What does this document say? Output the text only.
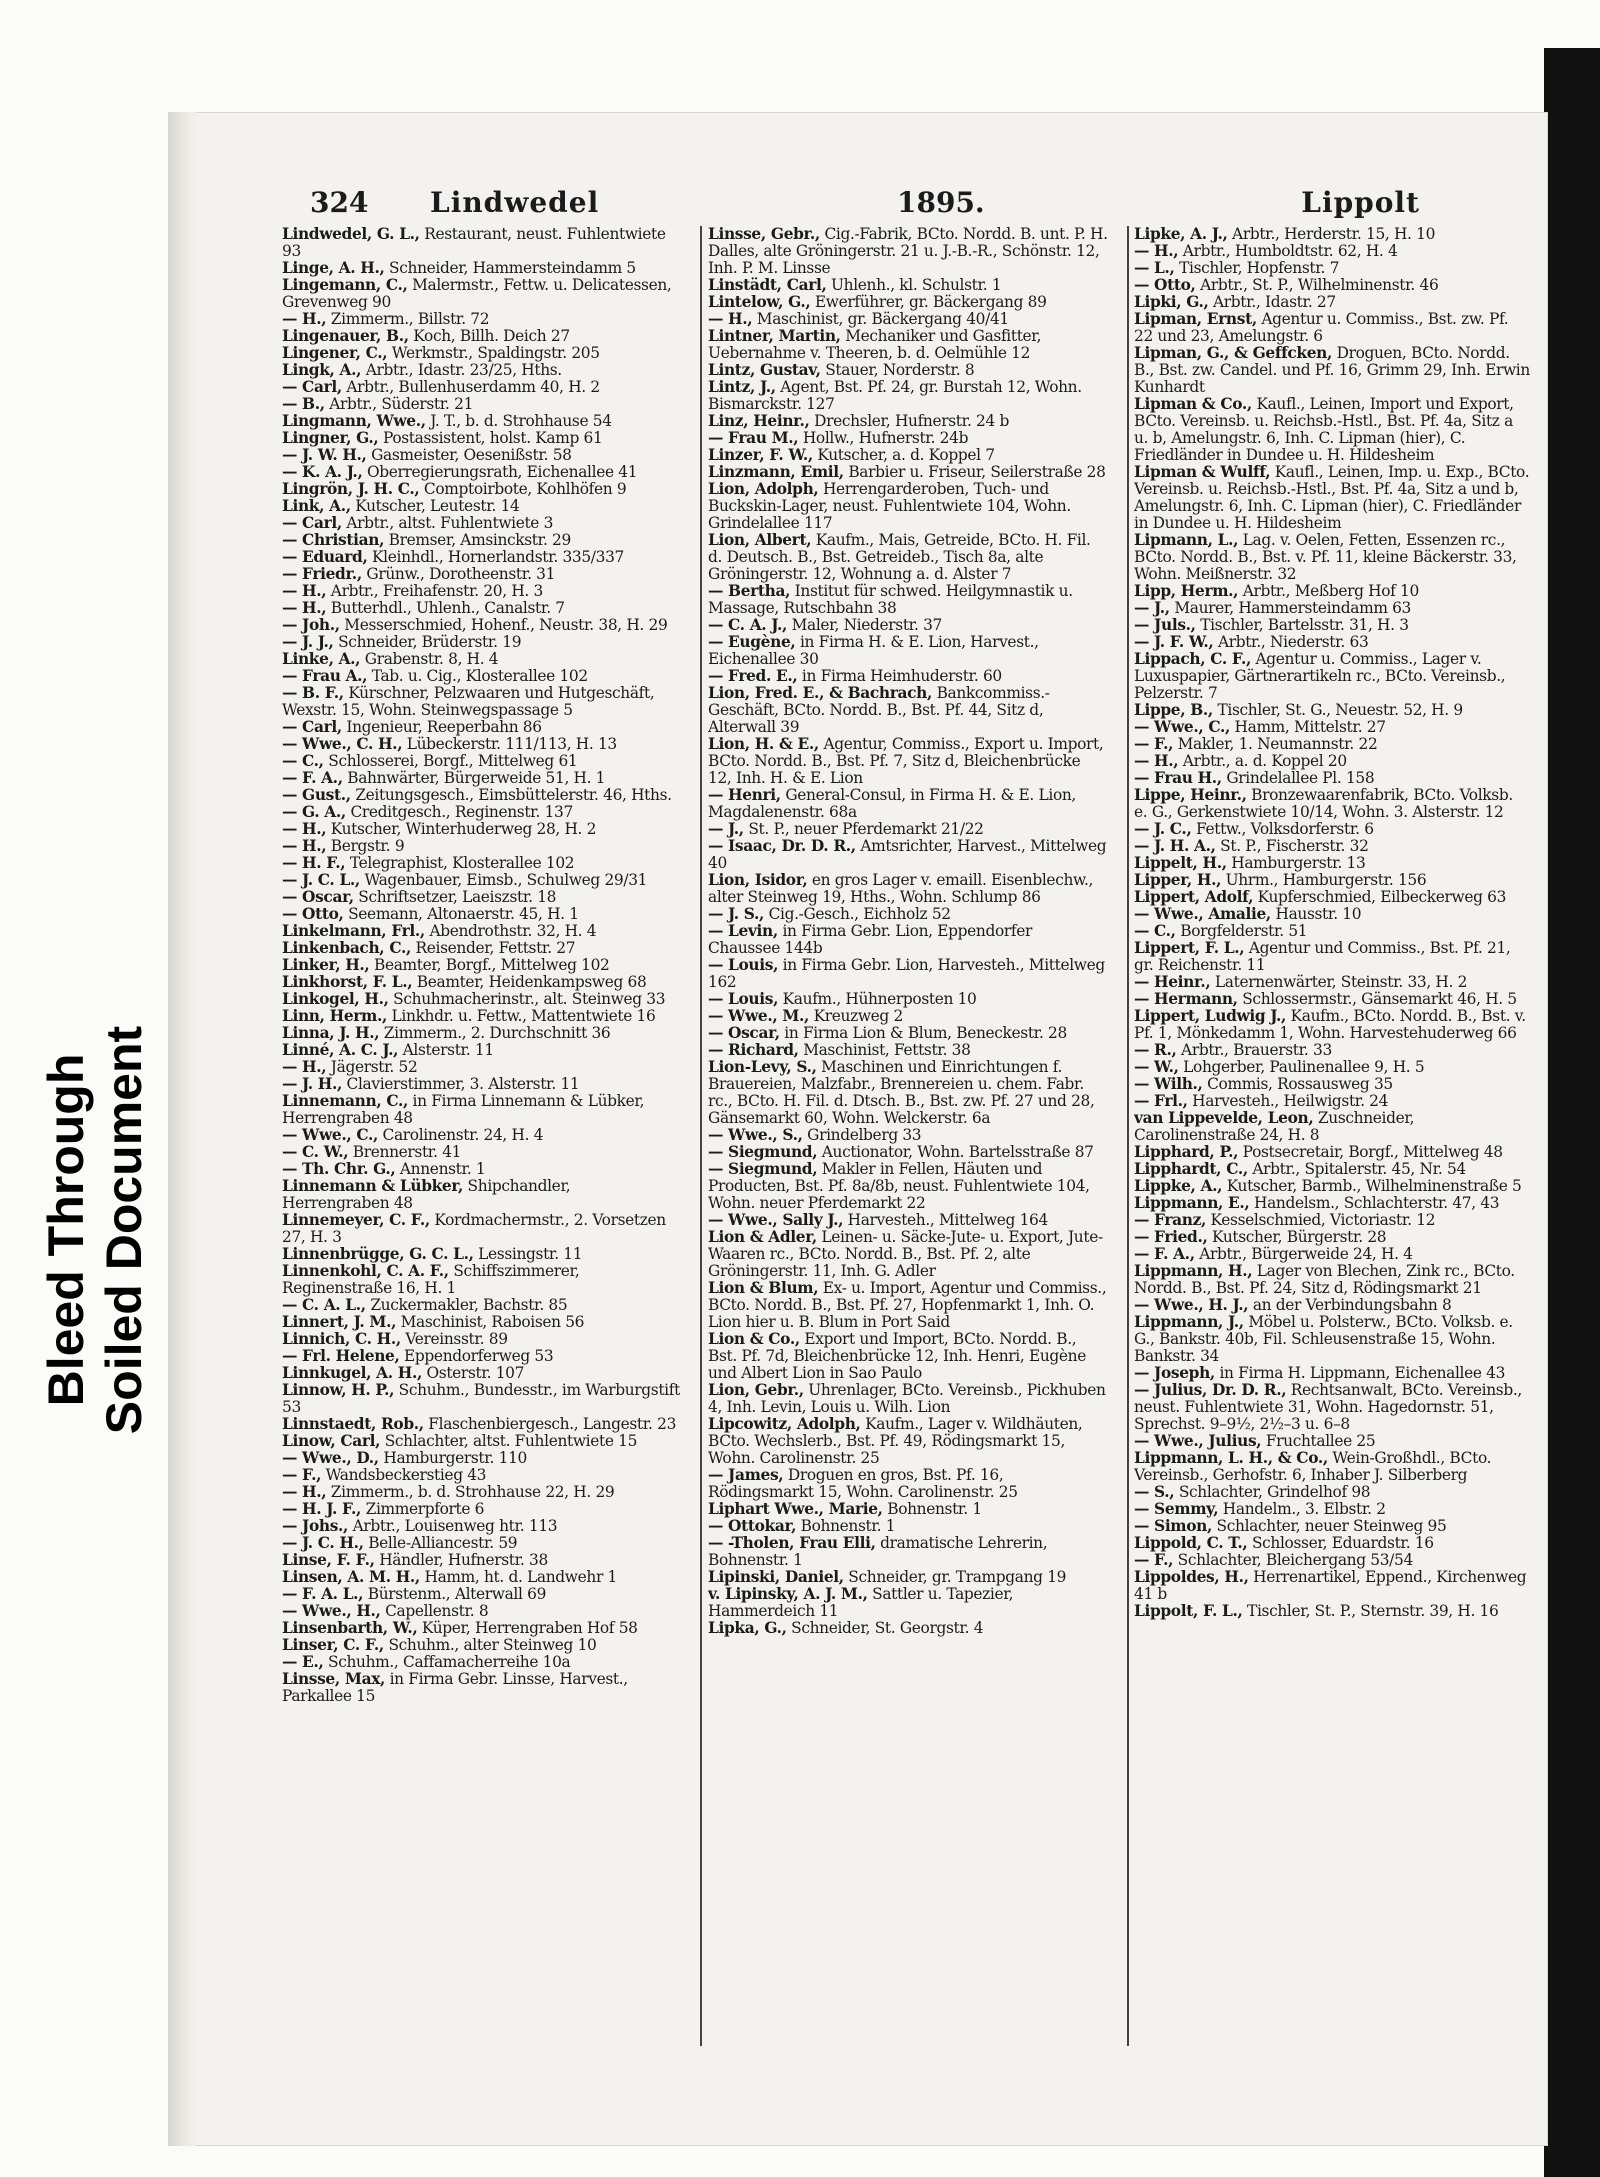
Bleed Through
Soiled Document
324 Lindwedel	1895.	Lippolt

Lindwedel, G. L., Restaurant, neust. Fuhlentwiete 93

Linge, A. H., Schneider, Hammersteindamm 5

Lingemann, C., Malermstr., Fettw. u. Delicatessen, Grevenweg 90

— H., Zimmerm., Billstr. 72

Lingenauer, B., Koch, Billh. Deich 27

Lingener, C., Werkmstr., Spaldingstr. 205

Lingk, A., Arbtr., Idastr. 23/25, Hths.

— Carl, Arbtr., Bullenhuserdamm 40, H. 2

— B., Arbtr., Süderstr. 21

Lingmann, Wwe., J. T., b. d. Strohhause 54

Lingner, G., Postassistent, holst. Kamp 61

— J. W. H., Gasmeister, Oesenißstr. 58

— K. A. J., Oberregierungsrath, Eichenallee 41

Lingrön, J. H. C., Comptoirbote, Kohlhöfen 9

Link, A., Kutscher, Leutestr. 14

— Carl, Arbtr., altst. Fuhlentwiete 3

— Christian, Bremser, Amsinckstr. 29

— Eduard, Kleinhdl., Hornerlandstr. 335/337

— Friedr., Grünw., Dorotheenstr. 31

— H., Arbtr., Freihafenstr. 20, H. 3

— H., Butterhdl., Uhlenh., Canalstr. 7

— Joh., Messerschmied, Hohenf., Neustr. 38, H. 29

— J. J., Schneider, Brüderstr. 19

Linke, A., Grabenstr. 8, H. 4

— Frau A., Tab. u. Cig., Klosterallee 102

— B. F., Kürschner, Pelzwaaren und Hutgeschäft, Wexstr. 15, Wohn. Steinwegspassage 5

— Carl, Ingenieur, Reeperbahn 86

— Wwe., C. H., Lübeckerstr. 111/113, H. 13

— C., Schlosserei, Borgf., Mittelweg 61

— F. A., Bahnwärter, Bürgerweide 51, H. 1

— Gust., Zeitungsgesch., Eimsbüttelerstr. 46, Hths.

— G. A., Creditgesch., Reginenstr. 137

— H., Kutscher, Winterhuderweg 28, H. 2

— H., Bergstr. 9

— H. F., Telegraphist, Klosterallee 102

— J. C. L., Wagenbauer, Eimsb., Schulweg 29/31

— Oscar, Schriftsetzer, Laeiszstr. 18

— Otto, Seemann, Altonaerstr. 45, H. 1

Linkelmann, Frl., Abendrothstr. 32, H. 4

Linkenbach, C., Reisender, Fettstr. 27

Linker, H., Beamter, Borgf., Mittelweg 102

Linkhorst, F. L., Beamter, Heidenkampsweg 68

Linkogel, H., Schuhmacherinstr., alt. Steinweg 33

Linn, Herm., Linkhdr. u. Fettw., Mattentwiete 16

Linna, J. H., Zimmerm., 2. Durchschnitt 36

Linné, A. C. J., Alsterstr. 11

— H., Jägerstr. 52

— J. H., Clavierstimmer, 3. Alsterstr. 11

Linnemann, C., in Firma Linnemann & Lübker, Herrengraben 48

— Wwe., C., Carolinenstr. 24, H. 4

— C. W., Brennerstr. 41

— Th. Chr. G., Annenstr. 1

Linnemann & Lübker, Shipchandler, Herrengraben 48

Linnemeyer, C. F., Kordmachermstr., 2. Vorsetzen 27, H. 3

Linnenbrügge, G. C. L., Lessingstr. 11

Linnenkohl, C. A. F., Schiffszimmerer, Reginenstraße 16, H. 1

— C. A. L., Zuckermakler, Bachstr. 85

Linnert, J. M., Maschinist, Raboisen 56

Linnich, C. H., Vereinsstr. 89

— Frl. Helene, Eppendorferweg 53

Linnkugel, A. H., Osterstr. 107

Linnow, H. P., Schuhm., Bundesstr., im Warburgstift 53

Linnstaedt, Rob., Flaschenbiergesch., Langestr. 23

Linow, Carl, Schlachter, altst. Fuhlentwiete 15

— Wwe., D., Hamburgerstr. 110

— F., Wandsbeckerstieg 43

— H., Zimmerm., b. d. Strohhause 22, H. 29

— H. J. F., Zimmerpforte 6

— Johs., Arbtr., Louisenweg htr. 113

— J. C. H., Belle-Alliancestr. 59

Linse, F. F., Händler, Hufnerstr. 38

Linsen, A. M. H., Hamm, ht. d. Landwehr 1

— F. A. L., Bürstenm., Alterwall 69

— Wwe., H., Capellenstr. 8

Linsenbarth, W., Küper, Herrengraben Hof 58

Linser, C. F., Schuhm., alter Steinweg 10

— E., Schuhm., Caffamacherreihe 10a

Linsse, Max, in Firma Gebr. Linsse, Harvest., Parkallee 15

Linsse, Gebr., Cig.-Fabrik, BCto. Nordd. B. unt. P. H. Dalles, alte Gröningerstr. 21 u. J.-B.-R., Schönstr. 12, Inh. P. M. Linsse

Linstädt, Carl, Uhlenh., kl. Schulstr. 1

Lintelow, G., Ewerführer, gr. Bäckergang 89

— H., Maschinist, gr. Bäckergang 40/41

Lintner, Martin, Mechaniker und Gasfitter, Uebernahme v. Theeren, b. d. Oelmühle 12

Lintz, Gustav, Stauer, Norderstr. 8

Lintz, J., Agent, Bst. Pf. 24, gr. Burstah 12, Wohn. Bismarckstr. 127

Linz, Heinr., Drechsler, Hufnerstr. 24 b

— Frau M., Hollw., Hufnerstr. 24b

Linzer, F. W., Kutscher, a. d. Koppel 7

Linzmann, Emil, Barbier u. Friseur, Seilerstraße 28

Lion, Adolph, Herrengarderoben, Tuch- und Buckskin-Lager, neust. Fuhlentwiete 104, Wohn. Grindelallee 117

Lion, Albert, Kaufm., Mais, Getreide, BCto. H. Fil. d. Deutsch. B., Bst. Getreideb., Tisch 8a, alte Gröningerstr. 12, Wohnung a. d. Alster 7

— Bertha, Institut für schwed. Heilgymnastik u. Massage, Rutschbahn 38

— C. A. J., Maler, Niederstr. 37

— Eugène, in Firma H. & E. Lion, Harvest., Eichenallee 30

— Fred. E., in Firma Heimhuderstr. 60

Lion, Fred. E., & Bachrach, Bankcommiss.-Geschäft, BCto. Nordd. B., Bst. Pf. 44, Sitz d, Alterwall 39

Lion, H. & E., Agentur, Commiss., Export u. Import, BCto. Nordd. B., Bst. Pf. 7, Sitz d, Bleichenbrücke 12, Inh. H. & E. Lion

— Henri, General-Consul, in Firma H. & E. Lion, Magdalenenstr. 68a

— J., St. P., neuer Pferdemarkt 21/22

— Isaac, Dr. D. R., Amtsrichter, Harvest., Mittelweg 40

Lion, Isidor, en gros Lager v. emaill. Eisenblechw., alter Steinweg 19, Hths., Wohn. Schlump 86

— J. S., Cig.-Gesch., Eichholz 52

— Levin, in Firma Gebr. Lion, Eppendorfer Chaussee 144b

— Louis, in Firma Gebr. Lion, Harvesteh., Mittelweg 162

— Louis, Kaufm., Hühnerposten 10

— Wwe., M., Kreuzweg 2

— Oscar, in Firma Lion & Blum, Beneckestr. 28

— Richard, Maschinist, Fettstr. 38

Lion-Levy, S., Maschinen und Einrichtungen f. Brauereien, Malzfabr., Brennereien u. chem. Fabr. rc., BCto. H. Fil. d. Dtsch. B., Bst. zw. Pf. 27 und 28, Gänsemarkt 60, Wohn. Welckerstr. 6a

— Wwe., S., Grindelberg 33

— Siegmund, Auctionator, Wohn. Bartelsstraße 87

— Siegmund, Makler in Fellen, Häuten und Producten, Bst. Pf. 8a/8b, neust. Fuhlentwiete 104, Wohn. neuer Pferdemarkt 22

— Wwe., Sally J., Harvesteh., Mittelweg 164

Lion & Adler, Leinen- u. Säcke-Jute- u. Export, Jute-Waaren rc., BCto. Nordd. B., Bst. Pf. 2, alte Gröningerstr. 11, Inh. G. Adler

Lion & Blum, Ex- u. Import, Agentur und Commiss., BCto. Nordd. B., Bst. Pf. 27, Hopfenmarkt 1, Inh. O. Lion hier u. B. Blum in Port Said

Lion & Co., Export und Import, BCto. Nordd. B., Bst. Pf. 7d, Bleichenbrücke 12, Inh. Henri, Eugène und Albert Lion in Sao Paulo

Lion, Gebr., Uhrenlager, BCto. Vereinsb., Pickhuben 4, Inh. Levin, Louis u. Wilh. Lion

Lipcowitz, Adolph, Kaufm., Lager v. Wildhäuten, BCto. Wechslerb., Bst. Pf. 49, Rödingsmarkt 15, Wohn. Carolinenstr. 25

— James, Droguen en gros, Bst. Pf. 16, Rödingsmarkt 15, Wohn. Carolinenstr. 25

Liphart Wwe., Marie, Bohnenstr. 1

— Ottokar, Bohnenstr. 1

— -Tholen, Frau Elli, dramatische Lehrerin, Bohnenstr. 1

Lipinski, Daniel, Schneider, gr. Trampgang 19

v. Lipinsky, A. J. M., Sattler u. Tapezier, Hammerdeich 11

Lipka, G., Schneider, St. Georgstr. 4

Lipke, A. J., Arbtr., Herderstr. 15, H. 10

— H., Arbtr., Humboldtstr. 62, H. 4

— L., Tischler, Hopfenstr. 7

— Otto, Arbtr., St. P., Wilhelminenstr. 46

Lipki, G., Arbtr., Idastr. 27

Lipman, Ernst, Agentur u. Commiss., Bst. zw. Pf. 22 und 23, Amelungstr. 6

Lipman, G., & Geffcken, Droguen, BCto. Nordd. B., Bst. zw. Candel. und Pf. 16, Grimm 29, Inh. Erwin Kunhardt

Lipman & Co., Kaufl., Leinen, Import und Export, BCto. Vereinsb. u. Reichsb.-Hstl., Bst. Pf. 4a, Sitz a u. b, Amelungstr. 6, Inh. C. Lipman (hier), C. Friedländer in Dundee u. H. Hildesheim

Lipman & Wulff, Kaufl., Leinen, Imp. u. Exp., BCto. Vereinsb. u. Reichsb.-Hstl., Bst. Pf. 4a, Sitz a und b, Amelungstr. 6, Inh. C. Lipman (hier), C. Friedländer in Dundee u. H. Hildesheim

Lipmann, L., Lag. v. Oelen, Fetten, Essenzen rc., BCto. Nordd. B., Bst. v. Pf. 11, kleine Bäckerstr. 33, Wohn. Meißnerstr. 32

Lipp, Herm., Arbtr., Meßberg Hof 10

— J., Maurer, Hammersteindamm 63

— Juls., Tischler, Bartelsstr. 31, H. 3

— J. F. W., Arbtr., Niederstr. 63

Lippach, C. F., Agentur u. Commiss., Lager v. Luxuspapier, Gärtnerartikeln rc., BCto. Vereinsb., Pelzerstr. 7

Lippe, B., Tischler, St. G., Neuestr. 52, H. 9

— Wwe., C., Hamm, Mittelstr. 27

— F., Makler, 1. Neumannstr. 22

— H., Arbtr., a. d. Koppel 20

— Frau H., Grindelallee Pl. 158

Lippe, Heinr., Bronzewaarenfabrik, BCto. Volksb. e. G., Gerkenstwiete 10/14, Wohn. 3. Alsterstr. 12

— J. C., Fettw., Volksdorferstr. 6

— J. H. A., St. P., Fischerstr. 32

Lippelt, H., Hamburgerstr. 13

Lipper, H., Uhrm., Hamburgerstr. 156

Lippert, Adolf, Kupferschmied, Eilbeckerweg 63

— Wwe., Amalie, Hausstr. 10

— C., Borgfelderstr. 51

Lippert, F. L., Agentur und Commiss., Bst. Pf. 21, gr. Reichenstr. 11

— Heinr., Laternenwärter, Steinstr. 33, H. 2

— Hermann, Schlossermstr., Gänsemarkt 46, H. 5

Lippert, Ludwig J., Kaufm., BCto. Nordd. B., Bst. v. Pf. 1, Mönkedamm 1, Wohn. Harvestehuderweg 66

— R., Arbtr., Brauerstr. 33

— W., Lohgerber, Paulinenallee 9, H. 5

— Wilh., Commis, Rossausweg 35

— Frl., Harvesteh., Heilwigstr. 24

van Lippevelde, Leon, Zuschneider, Carolinenstraße 24, H. 8

Lipphard, P., Postsecretair, Borgf., Mittelweg 48

Lipphardt, C., Arbtr., Spitalerstr. 45, Nr. 54

Lippke, A., Kutscher, Barmb., Wilhelminenstraße 5

Lippmann, E., Handelsm., Schlachterstr. 47, 43

— Franz, Kesselschmied, Victoriastr. 12

— Fried., Kutscher, Bürgerstr. 28

— F. A., Arbtr., Bürgerweide 24, H. 4

Lippmann, H., Lager von Blechen, Zink rc., BCto. Nordd. B., Bst. Pf. 24, Sitz d, Rödingsmarkt 21

— Wwe., H. J., an der Verbindungsbahn 8

Lippmann, J., Möbel u. Polsterw., BCto. Volksb. e. G., Bankstr. 40b, Fil. Schleusenstraße 15, Wohn. Bankstr. 34

— Joseph, in Firma H. Lippmann, Eichenallee 43

— Julius, Dr. D. R., Rechtsanwalt, BCto. Vereinsb., neust. Fuhlentwiete 31, Wohn. Hagedornstr. 51, Sprechst. 9–9½, 2½–3 u. 6–8

— Wwe., Julius, Fruchtallee 25

Lippmann, L. H., & Co., Wein-Großhdl., BCto. Vereinsb., Gerhofstr. 6, Inhaber J. Silberberg

— S., Schlachter, Grindelhof 98

— Semmy, Handelm., 3. Elbstr. 2

— Simon, Schlachter, neuer Steinweg 95

Lippold, C. T., Schlosser, Eduardstr. 16

— F., Schlachter, Bleichergang 53/54

Lippoldes, H., Herrenartikel, Eppend., Kirchenweg 41 b

Lippolt, F. L., Tischler, St. P., Sternstr. 39, H. 16
